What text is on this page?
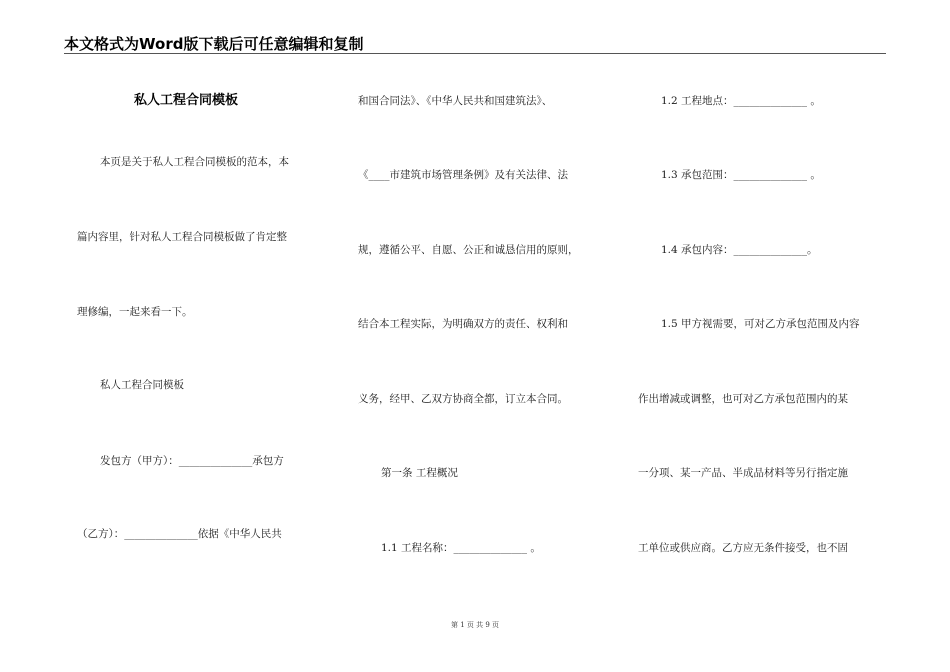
本文格式为Word版下载后可任意编辑和复制
私人工程合同模板
本页是关于私人工程合同模板的范本，本
篇内容里，针对私人工程合同模板做了肯定整
理修编，一起来看一下。
私人工程合同模板
发包方（甲方）：______________承包方
（乙方）：______________依据《中华人民共
和国合同法》、《中华人民共和国建筑法》、
《____市建筑市场管理条例》及有关法律、法
规，遵循公平、自愿、公正和诚恳信用的原则，
结合本工程实际，为明确双方的责任、权利和
义务，经甲、乙双方协商全都，订立本合同。
第一条 工程概况
1.1 工程名称：______________ 。
1.2 工程地点：______________ 。
1.3 承包范围：______________ 。
1.4 承包内容：______________。
1.5 甲方视需要，可对乙方承包范围及内容
作出增减或调整，也可对乙方承包范围内的某
一分项、某一产品、半成品材料等另行指定施
工单位或供应商。乙方应无条件接受，也不固
第 1 页 共 9 页
